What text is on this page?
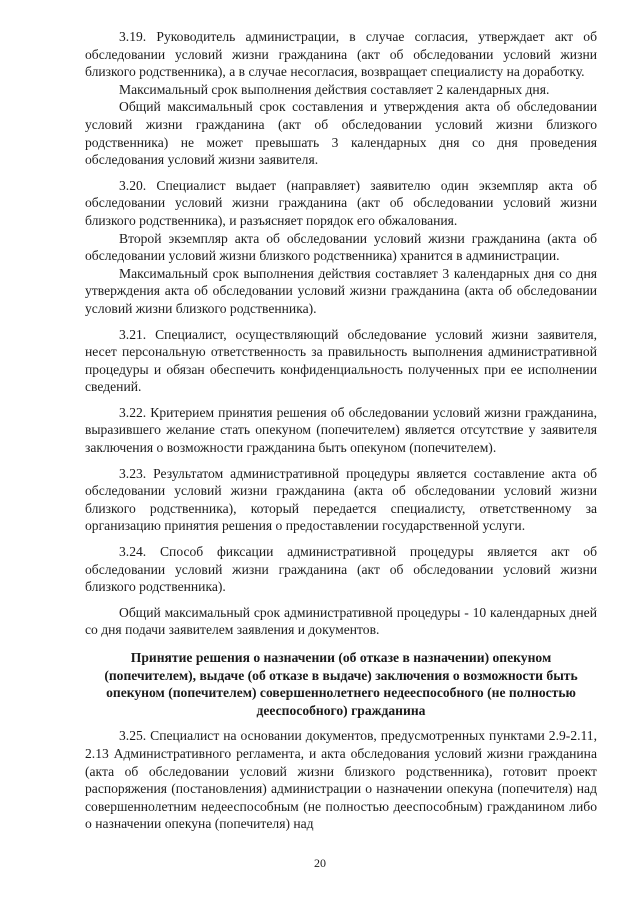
3.19. Руководитель администрации, в случае согласия, утверждает акт об обследовании условий жизни гражданина (акт об обследовании условий жизни близкого родственника), а в случае несогласия, возвращает специалисту на доработку.

Максимальный срок выполнения действия составляет 2 календарных дня.

Общий максимальный срок составления и утверждения акта об обследовании условий жизни гражданина (акт об обследовании условий жизни близкого родственника) не может превышать 3 календарных дня со дня проведения обследования условий жизни заявителя.

3.20. Специалист выдает (направляет) заявителю один экземпляр акта об обследовании условий жизни гражданина (акт об обследовании условий жизни близкого родственника), и разъясняет порядок его обжалования.

Второй экземпляр акта об обследовании условий жизни гражданина (акта об обследовании условий жизни близкого родственника) хранится в администрации.

Максимальный срок выполнения действия составляет 3 календарных дня со дня утверждения акта об обследовании условий жизни гражданина (акта об обследовании условий жизни близкого родственника).

3.21. Специалист, осуществляющий обследование условий жизни заявителя, несет персональную ответственность за правильность выполнения административной процедуры и обязан обеспечить конфиденциальность полученных при ее исполнении сведений.

3.22. Критерием принятия решения об обследовании условий жизни гражданина, выразившего желание стать опекуном (попечителем) является отсутствие у заявителя заключения о возможности гражданина быть опекуном (попечителем).

3.23. Результатом административной процедуры является составление акта об обследовании условий жизни гражданина (акта об обследовании условий жизни близкого родственника), который передается специалисту, ответственному за организацию принятия решения о предоставлении государственной услуги.

3.24. Способ фиксации административной процедуры является акт об обследовании условий жизни гражданина (акт об обследовании условий жизни близкого родственника).

Общий максимальный срок административной процедуры - 10 календарных дней со дня подачи заявителем заявления и документов.

Принятие решения о назначении (об отказе в назначении) опекуном (попечителем), выдаче (об отказе в выдаче) заключения о возможности быть опекуном (попечителем) совершеннолетнего недееспособного (не полностью дееспособного) гражданина

3.25. Специалист на основании документов, предусмотренных пунктами 2.9-2.11, 2.13 Административного регламента, и акта обследования условий жизни гражданина (акта об обследовании условий жизни близкого родственника), готовит проект распоряжения (постановления) администрации о назначении опекуна (попечителя) над совершеннолетним недееспособным (не полностью дееспособным) гражданином либо о назначении опекуна (попечителя) над

20
